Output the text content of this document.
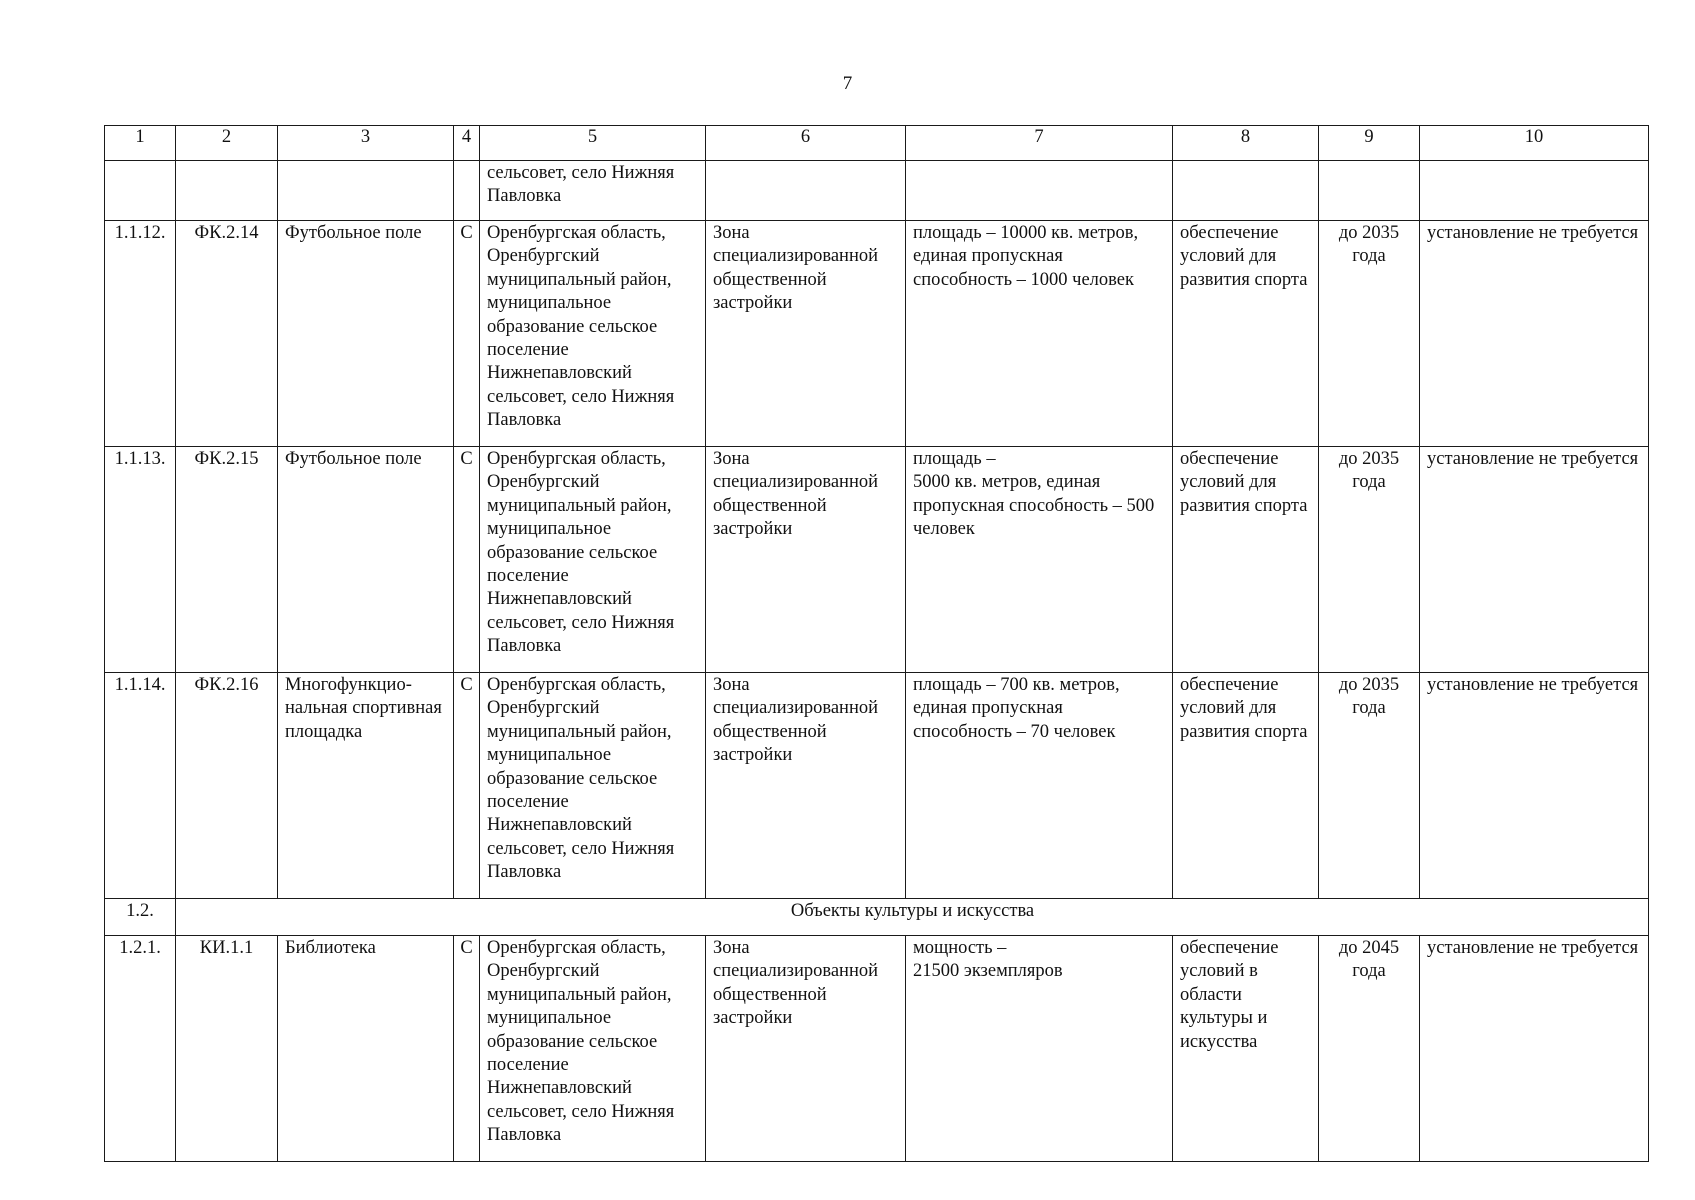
7
1	2	3	4	5	6	7	8	9	10

				сельсовет, село Нижняя Павловка					

1.1.12.	ФК.2.14	Футбольное поле	С	Оренбургская область, Оренбургский муниципальный район, муниципальное образование сельское поселение Нижнепавловский сельсовет, село Нижняя Павловка	Зона специализированной общественной застройки	площадь – 10000 кв. метров, единая пропускная способность – 1000 человек	обеспечение условий для развития спорта	до 2035 года	установление не требуется

1.1.13.	ФК.2.15	Футбольное поле	С	Оренбургская область, Оренбургский муниципальный район, муниципальное образование сельское поселение Нижнепавловский сельсовет, село Нижняя Павловка	Зона специализированной общественной застройки	площадь –
5000 кв. метров, единая пропускная способность – 500 человек	обеспечение условий для развития спорта	до 2035 года	установление не требуется

1.1.14.	ФК.2.16	Многофункцио-
нальная спортивная площадка	С	Оренбургская область, Оренбургский муниципальный район, муниципальное образование сельское поселение Нижнепавловский сельсовет, село Нижняя Павловка	Зона специализированной общественной застройки	площадь – 700 кв. метров, единая пропускная способность – 70 человек	обеспечение условий для развития спорта	до 2035 года	установление не требуется

1.2.	Объекты культуры и искусства								
1.2.1.	КИ.1.1	Библиотека	С	Оренбургская область, Оренбургский муниципальный район, муниципальное образование сельское поселение Нижнепавловский сельсовет, село Нижняя Павловка	Зона специализированной общественной застройки	мощность –
21500 экземпляров	обеспечение условий в области культуры и искусства	до 2045 года	установление не требуется
